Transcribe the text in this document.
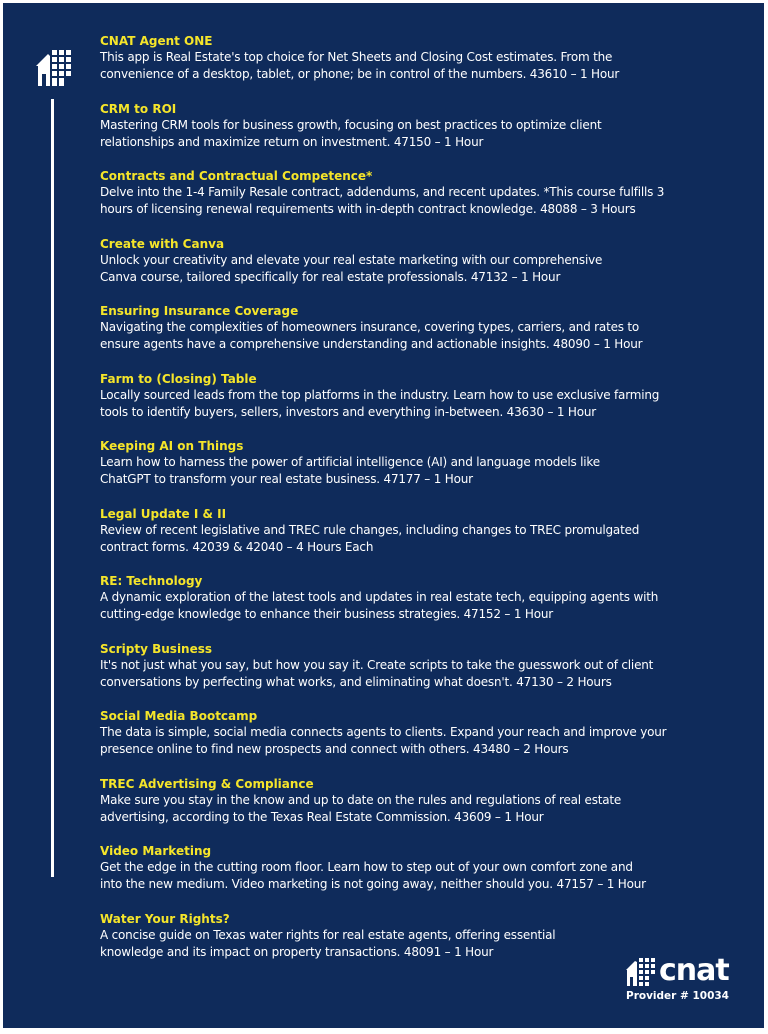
CNAT Agent ONE
This app is Real Estate's top choice for Net Sheets and Closing Cost estimates. From the
convenience of a desktop, tablet, or phone; be in control of the numbers. 43610 – 1 Hour
CRM to ROI
Mastering CRM tools for business growth, focusing on best practices to optimize client
relationships and maximize return on investment. 47150 – 1 Hour
Contracts and Contractual Competence*
Delve into the 1-4 Family Resale contract, addendums, and recent updates. *This course fulfills 3
hours of licensing renewal requirements with in-depth contract knowledge. 48088 – 3 Hours
Create with Canva
Unlock your creativity and elevate your real estate marketing with our comprehensive
Canva course, tailored specifically for real estate professionals. 47132 – 1 Hour
Ensuring Insurance Coverage
Navigating the complexities of homeowners insurance, covering types, carriers, and rates to
ensure agents have a comprehensive understanding and actionable insights. 48090 – 1 Hour
Farm to (Closing) Table
Locally sourced leads from the top platforms in the industry. Learn how to use exclusive farming
tools to identify buyers, sellers, investors and everything in-between. 43630 – 1 Hour
Keeping AI on Things
Learn how to harness the power of artificial intelligence (AI) and language models like
ChatGPT to transform your real estate business. 47177 – 1 Hour
Legal Update I & II
Review of recent legislative and TREC rule changes, including changes to TREC promulgated
contract forms. 42039 & 42040 – 4 Hours Each
RE: Technology
A dynamic exploration of the latest tools and updates in real estate tech, equipping agents with
cutting-edge knowledge to enhance their business strategies. 47152 – 1 Hour
Scripty Business
It's not just what you say, but how you say it. Create scripts to take the guesswork out of client
conversations by perfecting what works, and eliminating what doesn't. 47130 – 2 Hours
Social Media Bootcamp
The data is simple, social media connects agents to clients. Expand your reach and improve your
presence online to find new prospects and connect with others. 43480 – 2 Hours
TREC Advertising & Compliance
Make sure you stay in the know and up to date on the rules and regulations of real estate
advertising, according to the Texas Real Estate Commission. 43609 – 1 Hour
Video Marketing
Get the edge in the cutting room floor. Learn how to step out of your own comfort zone and
into the new medium. Video marketing is not going away, neither should you. 47157 – 1 Hour
Water Your Rights?
A concise guide on Texas water rights for real estate agents, offering essential
knowledge and its impact on property transactions. 48091 – 1 Hour
cnat
Provider # 10034
